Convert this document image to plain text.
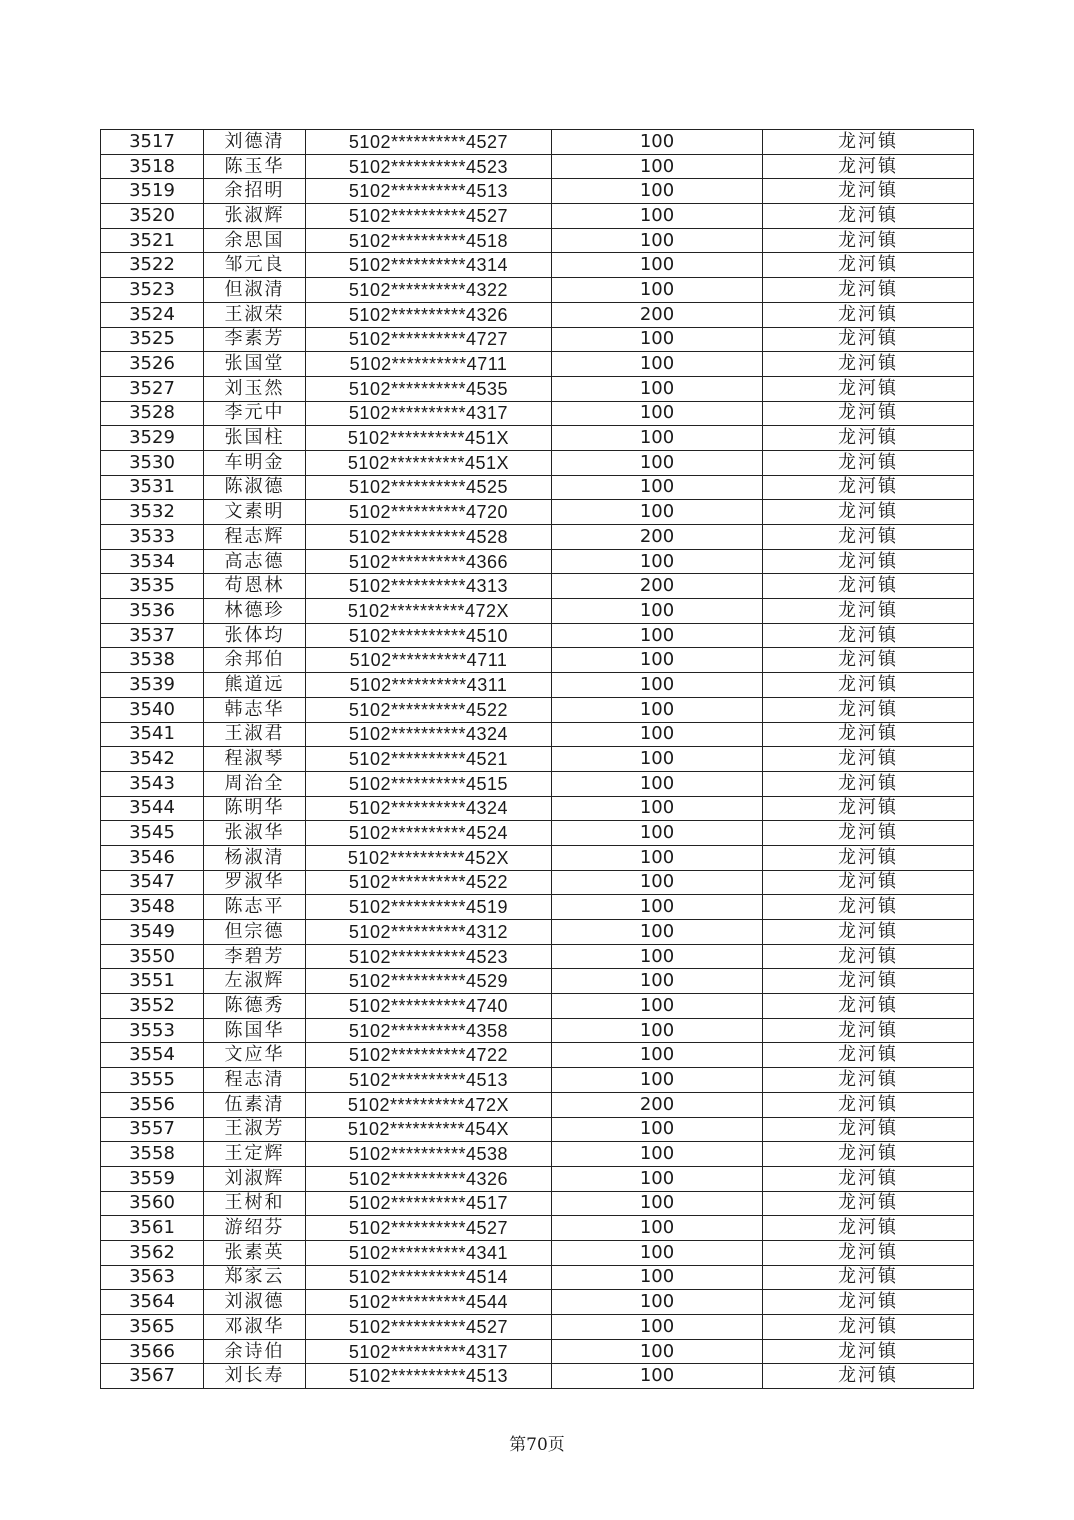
3517	刘德清	5102**********4527	100	龙河镇
3518	陈玉华	5102**********4523	100	龙河镇
3519	余招明	5102**********4513	100	龙河镇
3520	张淑辉	5102**********4527	100	龙河镇
3521	余思国	5102**********4518	100	龙河镇
3522	邹元良	5102**********4314	100	龙河镇
3523	但淑清	5102**********4322	100	龙河镇
3524	王淑荣	5102**********4326	200	龙河镇
3525	李素芳	5102**********4727	100	龙河镇
3526	张国堂	5102**********4711	100	龙河镇
3527	刘玉然	5102**********4535	100	龙河镇
3528	李元中	5102**********4317	100	龙河镇
3529	张国柱	5102**********451X	100	龙河镇
3530	车明金	5102**********451X	100	龙河镇
3531	陈淑德	5102**********4525	100	龙河镇
3532	文素明	5102**********4720	100	龙河镇
3533	程志辉	5102**********4528	200	龙河镇
3534	高志德	5102**********4366	100	龙河镇
3535	苟恩林	5102**********4313	200	龙河镇
3536	林德珍	5102**********472X	100	龙河镇
3537	张体均	5102**********4510	100	龙河镇
3538	余邦伯	5102**********4711	100	龙河镇
3539	熊道远	5102**********4311	100	龙河镇
3540	韩志华	5102**********4522	100	龙河镇
3541	王淑君	5102**********4324	100	龙河镇
3542	程淑琴	5102**********4521	100	龙河镇
3543	周治全	5102**********4515	100	龙河镇
3544	陈明华	5102**********4324	100	龙河镇
3545	张淑华	5102**********4524	100	龙河镇
3546	杨淑清	5102**********452X	100	龙河镇
3547	罗淑华	5102**********4522	100	龙河镇
3548	陈志平	5102**********4519	100	龙河镇
3549	但宗德	5102**********4312	100	龙河镇
3550	李碧芳	5102**********4523	100	龙河镇
3551	左淑辉	5102**********4529	100	龙河镇
3552	陈德秀	5102**********4740	100	龙河镇
3553	陈国华	5102**********4358	100	龙河镇
3554	文应华	5102**********4722	100	龙河镇
3555	程志清	5102**********4513	100	龙河镇
3556	伍素清	5102**********472X	200	龙河镇
3557	王淑芳	5102**********454X	100	龙河镇
3558	王定辉	5102**********4538	100	龙河镇
3559	刘淑辉	5102**********4326	100	龙河镇
3560	王树和	5102**********4517	100	龙河镇
3561	游绍芬	5102**********4527	100	龙河镇
3562	张素英	5102**********4341	100	龙河镇
3563	郑家云	5102**********4514	100	龙河镇
3564	刘淑德	5102**********4544	100	龙河镇
3565	邓淑华	5102**********4527	100	龙河镇
3566	余诗伯	5102**********4317	100	龙河镇
3567	刘长寿	5102**********4513	100	龙河镇
第70页
